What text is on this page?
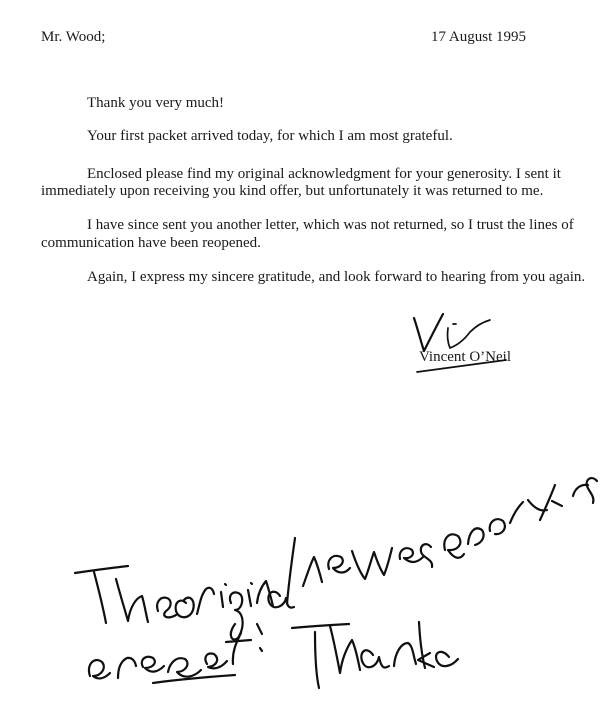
Mr. Wood;	17 August 1995
Thank you very much!
Your first packet arrived today, for which I am most grateful.
Enclosed please find my original acknowledgment for your generosity. I sent it
immediately upon receiving you kind offer, but unfortunately it was returned to me.
I have since sent you another letter, which was not returned, so I trust the lines of
communication have been reopened.
Again, I express my sincere gratitude, and look forward to hearing from you again.
Vincent O’Neil
